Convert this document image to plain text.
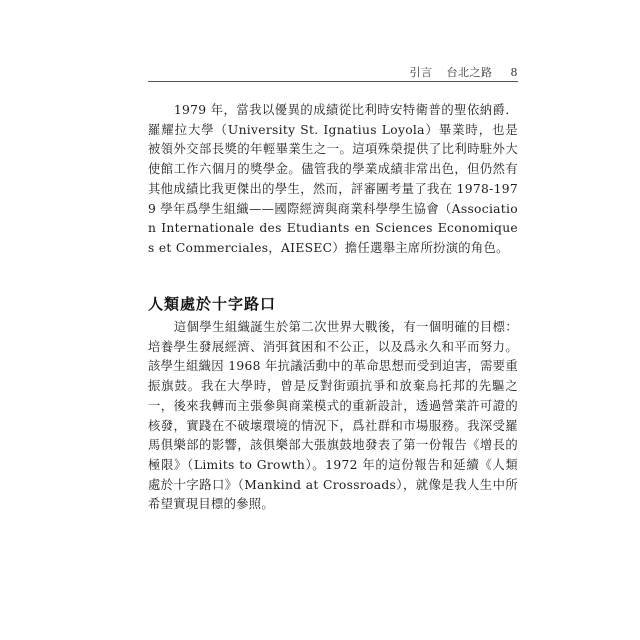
引言 台北之路 8

1979 年，當我以優異的成績從比利時安特衛普的聖依納爵．羅耀拉大學（University St. Ignatius Loyola）畢業時，也是被領外交部長獎的年輕畢業生之一。這項殊榮提供了比利時駐外大使館工作六個月的獎學金。儘管我的學業成績非常出色，但仍然有其他成績比我更傑出的學生，然而，評審團考量了我在 1978-1979 學年爲學生組織——國際經濟與商業科學學生協會（Association Internationale des Etudiants en Sciences Economiques et Commerciales，AIESEC）擔任選舉主席所扮演的角色。

人類處於十字路口

這個學生組織誕生於第二次世界大戰後，有一個明確的目標：培養學生發展經濟、消弭貧困和不公正，以及爲永久和平而努力。該學生組織因 1968 年抗議活動中的革命思想而受到迫害，需要重振旗鼓。我在大學時，曾是反對街頭抗爭和放棄烏托邦的先驅之一，後來我轉而主張參與商業模式的重新設計，透過營業許可證的核發，實踐在不破壞環境的情況下，爲社群和市場服務。我深受羅馬俱樂部的影響，該俱樂部大張旗鼓地發表了第一份報告《增長的極限》（Limits to Growth）。1972 年的這份報告和延續《人類處於十字路口》（Mankind at Crossroads），就像是我人生中所希望實現目標的參照。
